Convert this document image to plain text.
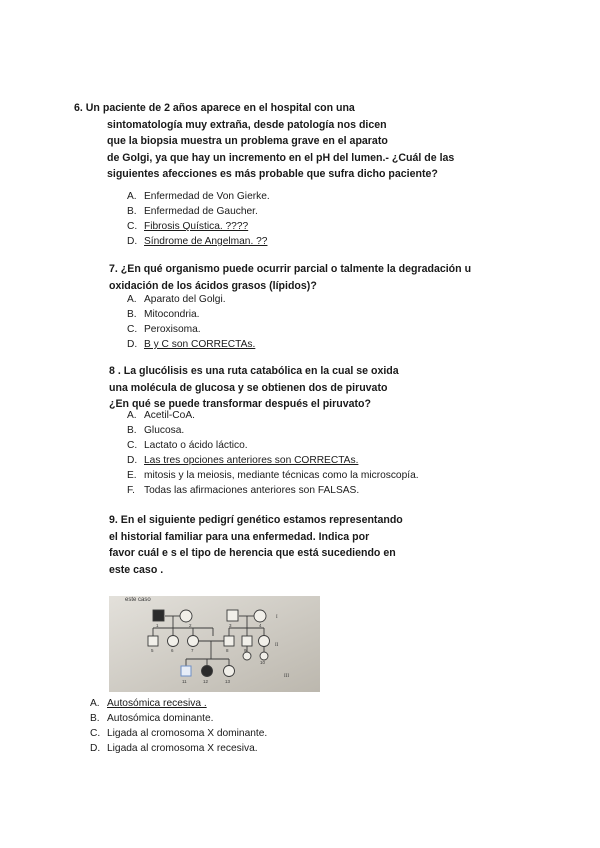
6. Un paciente de 2 años aparece en el hospital con una
sintomatología muy extraña, desde patología nos dicen
que la biopsia muestra un problema grave en el aparato
de Golgi, ya que hay un incremento en el pH del lumen.- ¿Cuál de las
siguientes afecciones es más probable que sufra dicho paciente?
A. Enfermedad de Von Gierke.
B. Enfermedad de Gaucher.
C. Fibrosis Quística. ????
D. Síndrome de Angelman. ??
7. ¿En qué organismo puede ocurrir parcial o talmente la degradación u
oxidación de los ácidos grasos (lípidos)?
A. Aparato del Golgi.
B. Mitocondria.
C. Peroxisoma.
D. B y C son CORRECTAs.
8 . La glucólisis es una ruta catabólica en la cual se oxida
una molécula de glucosa y se obtienen dos de piruvato
¿En qué se puede transformar después el piruvato?
A. Acetil-CoA.
B. Glucosa.
C. Lactato o ácido láctico.
D. Las tres opciones anteriores son CORRECTAs.
E. mitosis y la meiosis, mediante técnicas como la microscopía.
F. Todas las afirmaciones anteriores son FALSAS.
9. En el siguiente pedigrí genético estamos representando
el historial familiar para una enfermedad. Indica por
favor cuál e s el tipo de herencia que está sucediendo en
este caso .
este caso
1	2	3	4
5	6	7	8	9
10
11	12	13
I
II
III
A. Autosómica recesiva .
B. Autosómica dominante.
C. Ligada al cromosoma X dominante.
D. Ligada al cromosoma X recesiva.
